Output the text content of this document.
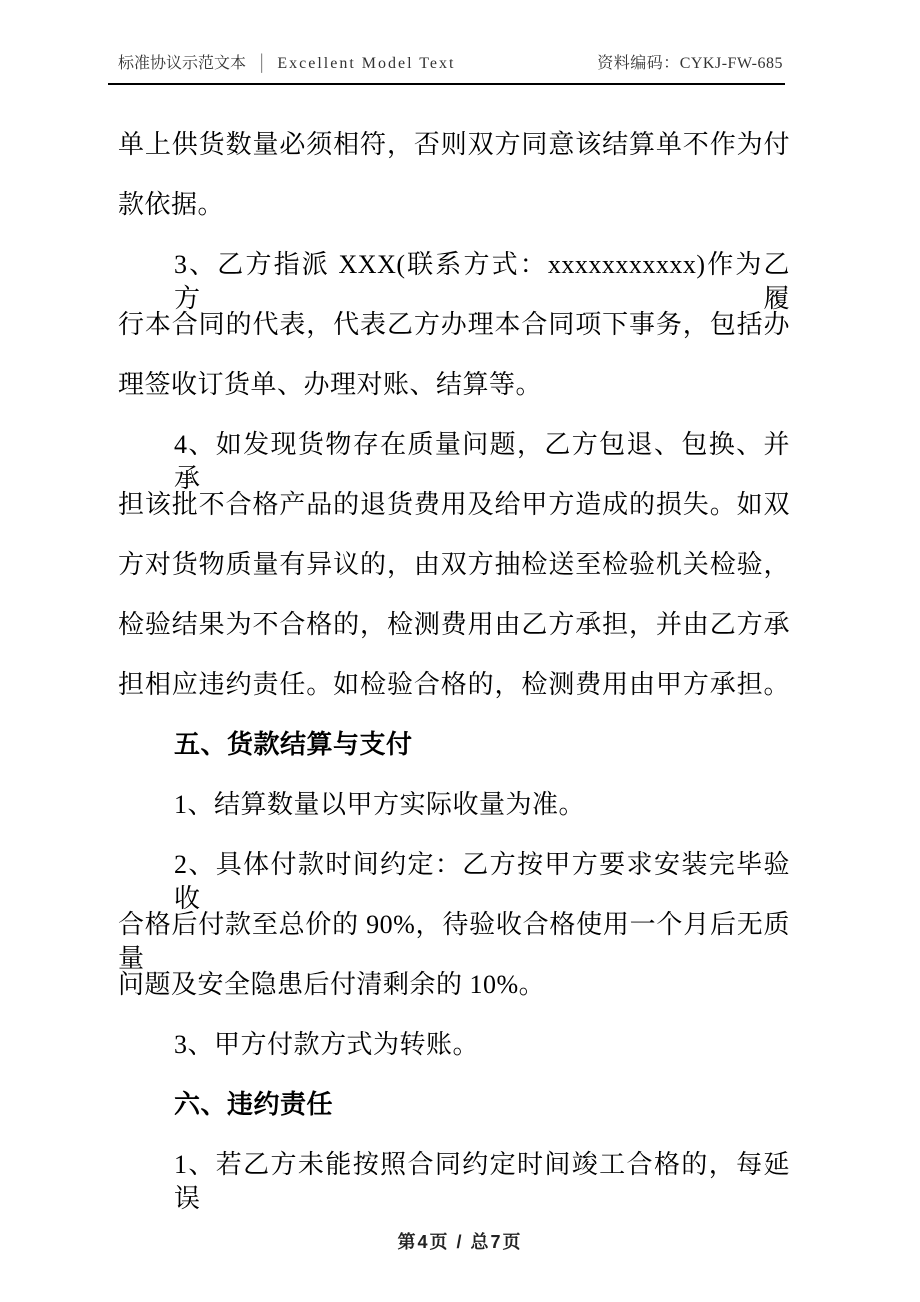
标准协议示范文本 │ Excellent Model Text	资料编码：CYKJ-FW-685
单上供货数量必须相符，否则双方同意该结算单不作为付
款依据。
3、乙方指派 XXX(联系方式：xxxxxxxxxxx)作为乙方履
行本合同的代表，代表乙方办理本合同项下事务，包括办
理签收订货单、办理对账、结算等。
4、如发现货物存在质量问题，乙方包退、包换、并承
担该批不合格产品的退货费用及给甲方造成的损失。如双
方对货物质量有异议的，由双方抽检送至检验机关检验，
检验结果为不合格的，检测费用由乙方承担，并由乙方承
担相应违约责任。如检验合格的，检测费用由甲方承担。
五、货款结算与支付
1、结算数量以甲方实际收量为准。
2、具体付款时间约定：乙方按甲方要求安装完毕验收
合格后付款至总价的 90%，待验收合格使用一个月后无质量
问题及安全隐患后付清剩余的 10%。
3、甲方付款方式为转账。
六、违约责任
1、若乙方未能按照合同约定时间竣工合格的，每延误
第4页 / 总7页
